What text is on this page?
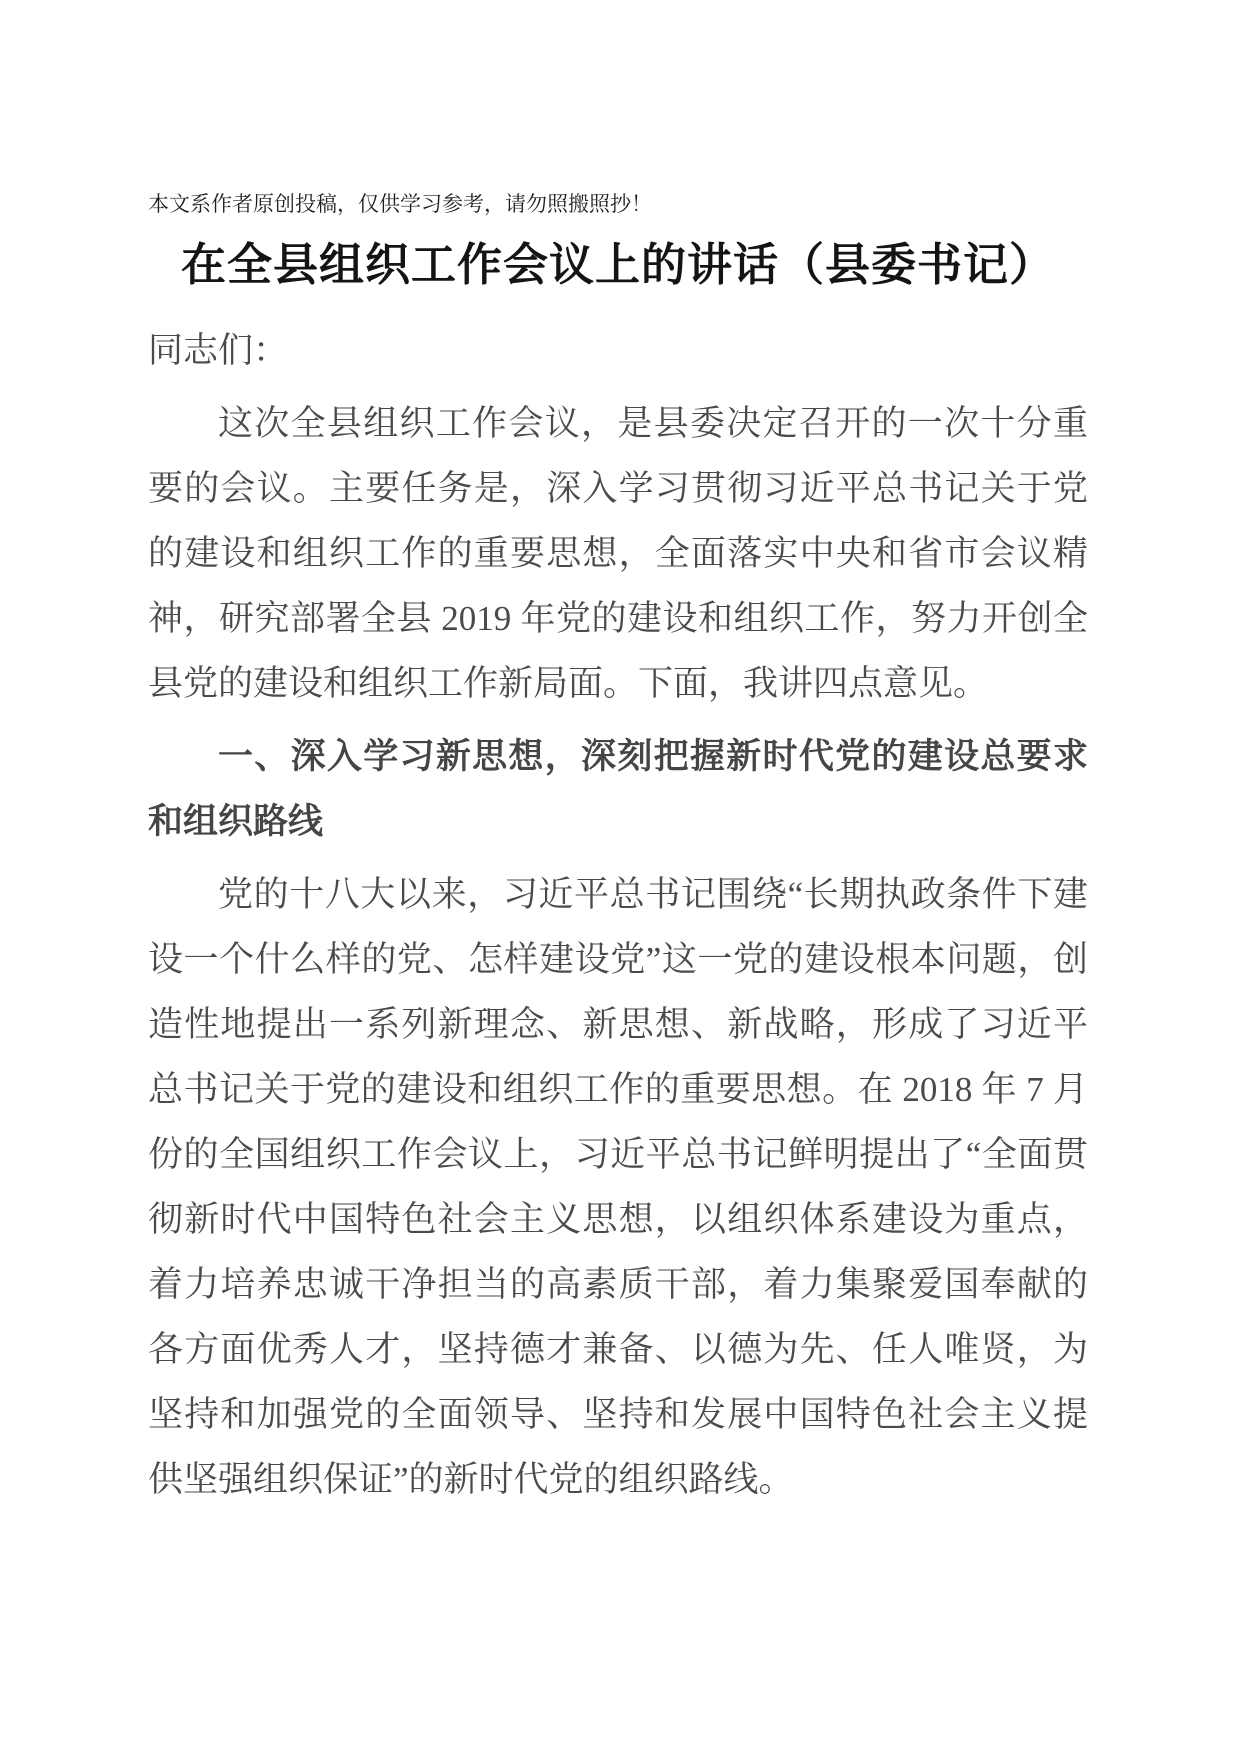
本文系作者原创投稿，仅供学习参考，请勿照搬照抄！

在全县组织工作会议上的讲话（县委书记）

同志们：

这次全县组织工作会议，是县委决定召开的一次十分重要的会议。主要任务是，深入学习贯彻习近平总书记关于党的建设和组织工作的重要思想，全面落实中央和省市会议精神，研究部署全县 2019 年党的建设和组织工作，努力开创全县党的建设和组织工作新局面。下面，我讲四点意见。

一、深入学习新思想，深刻把握新时代党的建设总要求和组织路线

党的十八大以来，习近平总书记围绕“长期执政条件下建设一个什么样的党、怎样建设党”这一党的建设根本问题，创造性地提出一系列新理念、新思想、新战略，形成了习近平总书记关于党的建设和组织工作的重要思想。在 2018 年 7 月份的全国组织工作会议上，习近平总书记鲜明提出了“全面贯彻新时代中国特色社会主义思想，以组织体系建设为重点，着力培养忠诚干净担当的高素质干部，着力集聚爱国奉献的各方面优秀人才，坚持德才兼备、以德为先、任人唯贤，为坚持和加强党的全面领导、坚持和发展中国特色社会主义提供坚强组织保证”的新时代党的组织路线。
